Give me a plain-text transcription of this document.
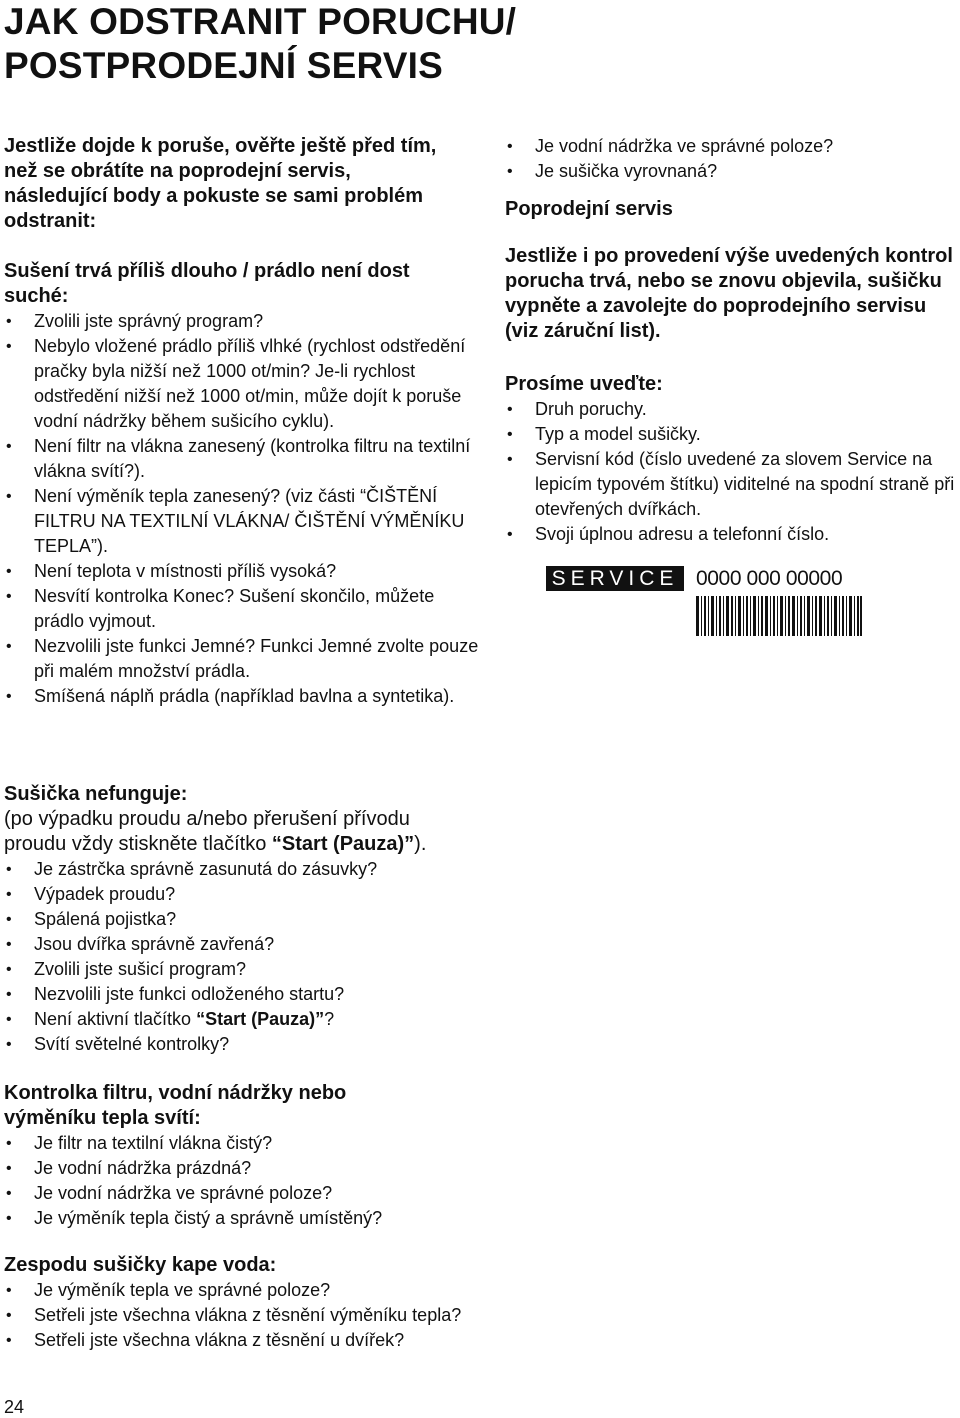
JAK ODSTRANIT PORUCHU/
POSTPRODEJNÍ SERVIS

Jestliže dojde k poruše, ověřte ještě před tím, než se obrátíte na poprodejní servis, následující body a pokuste se sami problém odstranit:

Sušení trvá příliš dlouho / prádlo není dost suché:

• Zvolili jste správný program?
• Nebylo vložené prádlo příliš vlhké (rychlost odstředění pračky byla nižší než 1000 ot/min? Je-li rychlost odstředění nižší než 1000 ot/min, může dojít k poruše vodní nádržky během sušicího cyklu).
• Není filtr na vlákna zanesený (kontrolka filtru na textilní vlákna svítí?).
• Není výměník tepla zanesený? (viz části “ČIŠTĚNÍ FILTRU NA TEXTILNÍ VLÁKNA/ ČIŠTĚNÍ VÝMĚNÍKU TEPLA”).
• Není teplota v místnosti příliš vysoká?
• Nesvítí kontrolka Konec? Sušení skončilo, můžete prádlo vyjmout.
• Nezvolili jste funkci Jemné? Funkci Jemné zvolte pouze při malém množství prádla.
• Smíšená náplň prádla (například bavlna a syntetika).

Sušička nefunguje:

(po výpadku proudu a/nebo přerušení přívodu proudu vždy stiskněte tlačítko “Start (Pauza)”).

• Je zástrčka správně zasunutá do zásuvky?
• Výpadek proudu?
• Spálená pojistka?
• Jsou dvířka správně zavřená?
• Zvolili jste sušicí program?
• Nezvolili jste funkci odloženého startu?
• Není aktivní tlačítko “Start (Pauza)”?
• Svítí světelné kontrolky?

Kontrolka filtru, vodní nádržky nebo výměníku tepla svítí:

• Je filtr na textilní vlákna čistý?
• Je vodní nádržka prázdná?
• Je vodní nádržka ve správné poloze?
• Je výměník tepla čistý a správně umístěný?

Zespodu sušičky kape voda:

• Je výměník tepla ve správné poloze?
• Setřeli jste všechna vlákna z těsnění výměníku tepla?
• Setřeli jste všechna vlákna z těsnění u dvířek?
• Je vodní nádržka ve správné poloze?
• Je sušička vyrovnaná?

Poprodejní servis

Jestliže i po provedení výše uvedených kontrol porucha trvá, nebo se znovu objevila, sušičku vypněte a zavolejte do poprodejního servisu (viz záruční list).

Prosíme uveďte:

• Druh poruchy.
• Typ a model sušičky.
• Servisní kód (číslo uvedené za slovem Service na lepicím typovém štítku) viditelné na spodní straně při otevřených dvířkách.
• Svoji úplnou adresu a telefonní číslo.
SERVICE 0000 000 00000

24
